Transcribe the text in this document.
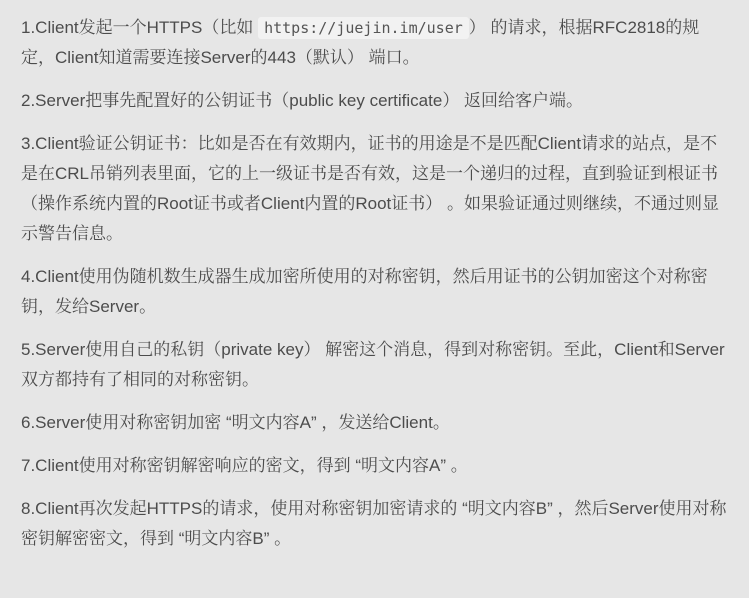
1.Client发起一个HTTPS（比如 https://juejin.im/user ） 的请求，根据RFC2818的规定，Client知道需要连接Server的443（默认） 端口。

2.Server把事先配置好的公钥证书（public key certificate） 返回给客户端。

3.Client验证公钥证书：比如是否在有效期内，证书的用途是不是匹配Client请求的站点，是不是在CRL吊销列表里面，它的上一级证书是否有效，这是一个递归的过程，直到验证到根证书（操作系统内置的Root证书或者Client内置的Root证书） 。如果验证通过则继续，不通过则显示警告信息。

4.Client使用伪随机数生成器生成加密所使用的对称密钥，然后用证书的公钥加密这个对称密钥，发给Server。

5.Server使用自己的私钥（private key） 解密这个消息，得到对称密钥。至此，Client和Server双方都持有了相同的对称密钥。

6.Server使用对称密钥加密 “明文内容A” ，发送给Client。

7.Client使用对称密钥解密响应的密文，得到 “明文内容A” 。

8.Client再次发起HTTPS的请求，使用对称密钥加密请求的 “明文内容B” ，然后Server使用对称密钥解密密文，得到 “明文内容B” 。
